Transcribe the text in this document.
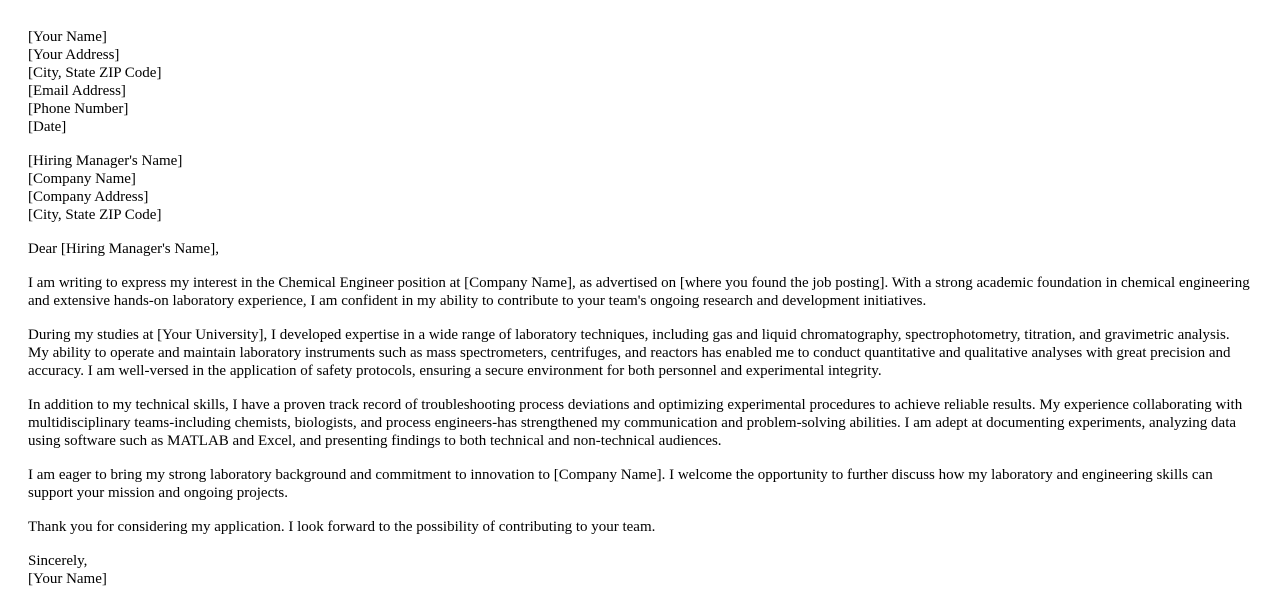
[Your Name]
[Your Address]
[City, State ZIP Code]
[Email Address]
[Phone Number]
[Date]
[Hiring Manager's Name]
[Company Name]
[Company Address]
[City, State ZIP Code]

Dear [Hiring Manager's Name],

I am writing to express my interest in the Chemical Engineer position at [Company Name], as advertised on [where you found the job posting]. With a strong academic foundation in chemical engineering and extensive hands-on laboratory experience, I am confident in my ability to contribute to your team's ongoing research and development initiatives.

During my studies at [Your University], I developed expertise in a wide range of laboratory techniques, including gas and liquid chromatography, spectrophotometry, titration, and gravimetric analysis. My ability to operate and maintain laboratory instruments such as mass spectrometers, centrifuges, and reactors has enabled me to conduct quantitative and qualitative analyses with great precision and accuracy. I am well-versed in the application of safety protocols, ensuring a secure environment for both personnel and experimental integrity.

In addition to my technical skills, I have a proven track record of troubleshooting process deviations and optimizing experimental procedures to achieve reliable results. My experience collaborating with multidisciplinary teams-including chemists, biologists, and process engineers-has strengthened my communication and problem-solving abilities. I am adept at documenting experiments, analyzing data using software such as MATLAB and Excel, and presenting findings to both technical and non-technical audiences.

I am eager to bring my strong laboratory background and commitment to innovation to [Company Name]. I welcome the opportunity to further discuss how my laboratory and engineering skills can support your mission and ongoing projects.

Thank you for considering my application. I look forward to the possibility of contributing to your team.

Sincerely,
[Your Name]
